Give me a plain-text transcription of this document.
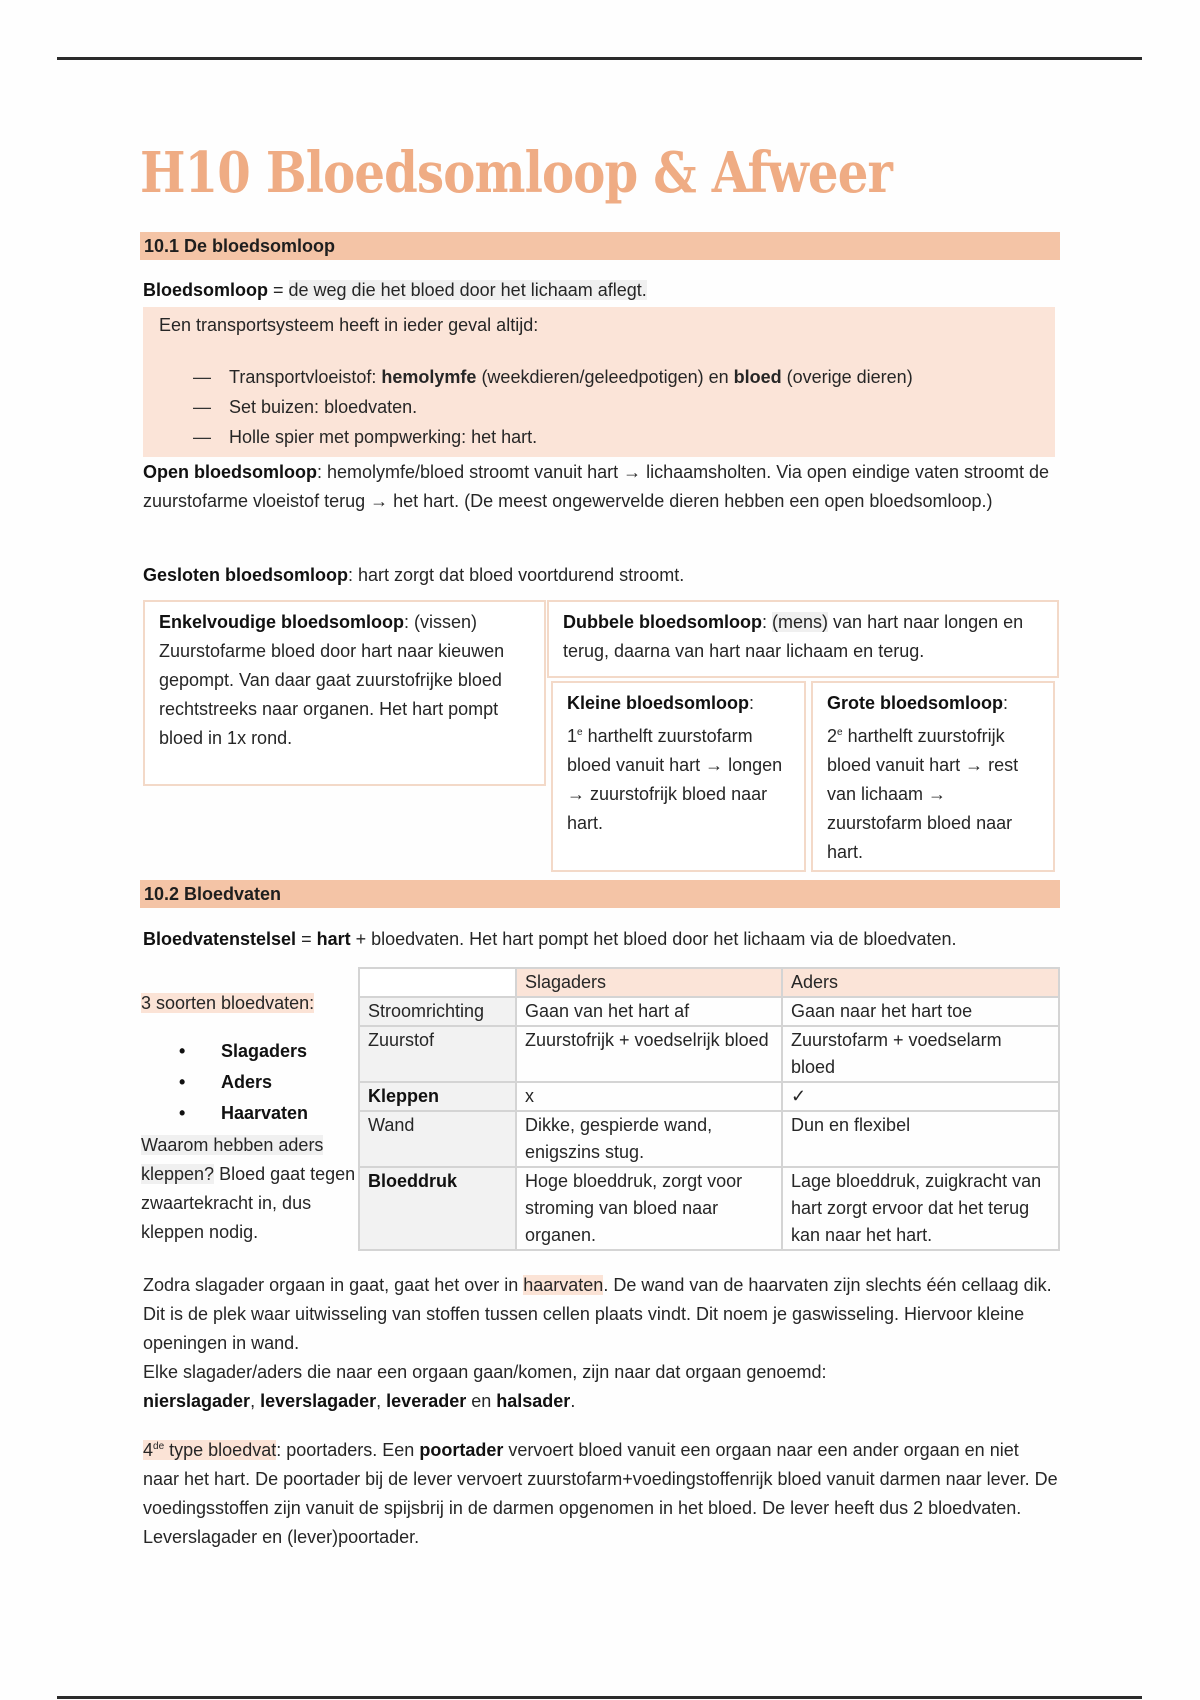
H10 Bloedsomloop & Afweer
10.1 De bloedsomloop
Bloedsomloop = de weg die het bloed door het lichaam aflegt.
Een transportsysteem heeft in ieder geval altijd:
— Transportvloeistof: hemolymfe (weekdieren/geleedpotigen) en bloed (overige dieren)
— Set buizen: bloedvaten.
— Holle spier met pompwerking: het hart.
Open bloedsomloop: hemolymfe/bloed stroomt vanuit hart → lichaamsholten. Via open eindige vaten stroomt de zuurstofarme vloeistof terug → het hart. (De meest ongewervelde dieren hebben een open bloedsomloop.)
Gesloten bloedsomloop: hart zorgt dat bloed voortdurend stroomt.
Enkelvoudige bloedsomloop: (vissen)
Zuurstofarme bloed door hart naar kieuwen gepompt. Van daar gaat zuurstofrijke bloed rechtstreeks naar organen. Het hart pompt bloed in 1x rond.
Dubbele bloedsomloop: (mens) van hart naar longen en terug, daarna van hart naar lichaam en terug.
Kleine bloedsomloop:
1e harthelft zuurstofarm bloed vanuit hart → longen → zuurstofrijk bloed naar hart.
Grote bloedsomloop:
2e harthelft zuurstofrijk bloed vanuit hart → rest van lichaam → zuurstofarm bloed naar hart.
10.2 Bloedvaten
Bloedvatenstelsel = hart + bloedvaten. Het hart pompt het bloed door het lichaam via de bloedvaten.
3 soorten bloedvaten:
• Slagaders
• Aders
• Haarvaten
Waarom hebben aders kleppen? Bloed gaat tegen zwaartekracht in, dus kleppen nodig.
	Slagaders	Aders
Stroomrichting	Gaan van het hart af	Gaan naar het hart toe
Zuurstof	Zuurstofrijk + voedselrijk bloed	Zuurstofarm + voedselarm bloed
Kleppen	x	✓
Wand	Dikke, gespierde wand, enigszins stug.	Dun en flexibel
Bloeddruk	Hoge bloeddruk, zorgt voor stroming van bloed naar organen.	Lage bloeddruk, zuigkracht van hart zorgt ervoor dat het terug kan naar het hart.
Zodra slagader orgaan in gaat, gaat het over in haarvaten. De wand van de haarvaten zijn slechts één cellaag dik. Dit is de plek waar uitwisseling van stoffen tussen cellen plaats vindt. Dit noem je gaswisseling. Hiervoor kleine openingen in wand.
Elke slagader/aders die naar een orgaan gaan/komen, zijn naar dat orgaan genoemd:
nierslagader, leverslagader, leverader en halsader.
4de type bloedvat: poortaders. Een poortader vervoert bloed vanuit een orgaan naar een ander orgaan en niet naar het hart. De poortader bij de lever vervoert zuurstofarm+voedingstoffenrijk bloed vanuit darmen naar lever. De voedingsstoffen zijn vanuit de spijsbrij in de darmen opgenomen in het bloed. De lever heeft dus 2 bloedvaten. Leverslagader en (lever)poortader.
